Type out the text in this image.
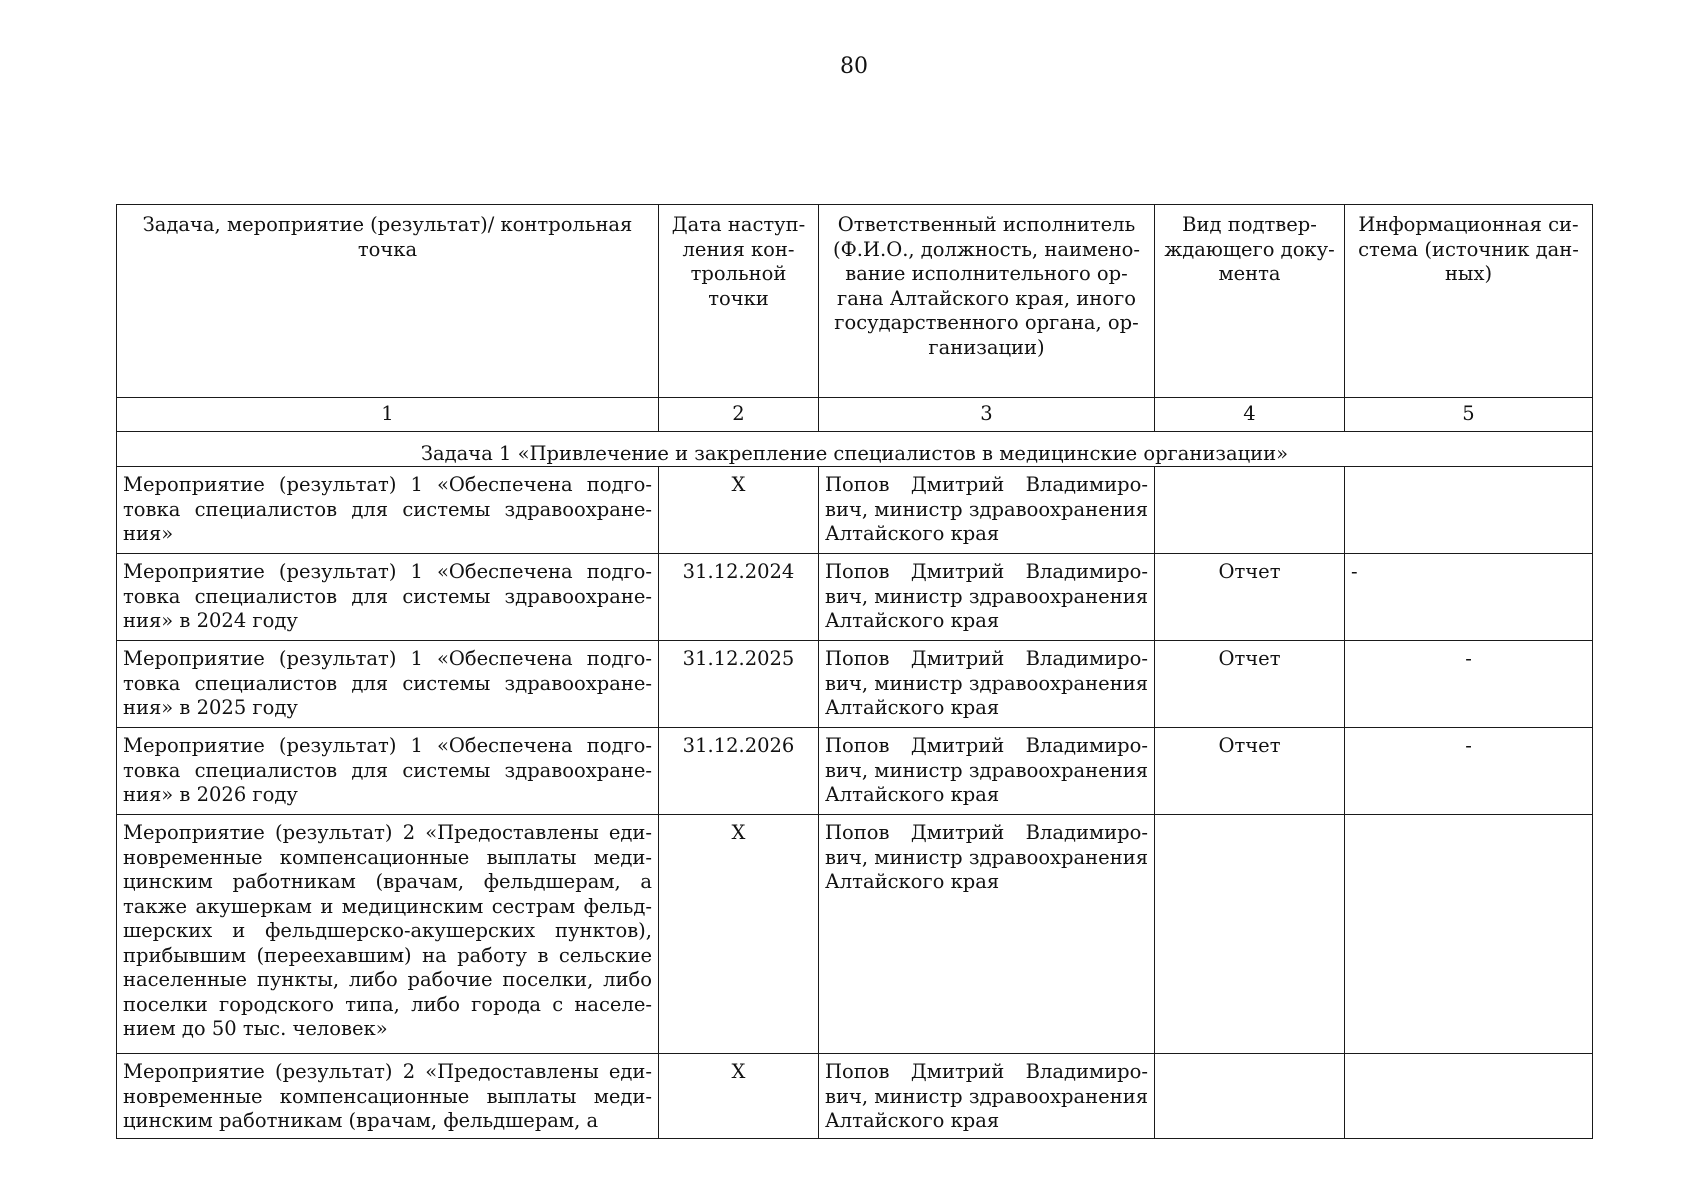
80
Задача, мероприятие (результат)/ контрольная точка	Дата наступ-ления кон-трольной точки	Ответственный исполнитель (Ф.И.О., должность, наимено-вание исполнительного ор-гана Алтайского края, иного государственного органа, ор-ганизации)	Вид подтвер-ждающего доку-мента	Информационная си-стема (источник дан-ных)
1	2	3	4	5
Задача 1 «Привлечение и закрепление специалистов в медицинские организации»				
Мероприятие (результат) 1 «Обеспечена подго-товка специалистов для системы здравоохране-ния»	Х	Попов Дмитрий Владимиро-вич, министр здравоохранения Алтайского края		
Мероприятие (результат) 1 «Обеспечена подго-товка специалистов для системы здравоохране-ния» в 2024 году	31.12.2024	Попов Дмитрий Владимиро-вич, министр здравоохранения Алтайского края	Отчет	-
Мероприятие (результат) 1 «Обеспечена подго-товка специалистов для системы здравоохране-ния» в 2025 году	31.12.2025	Попов Дмитрий Владимиро-вич, министр здравоохранения Алтайского края	Отчет	-
Мероприятие (результат) 1 «Обеспечена подго-товка специалистов для системы здравоохране-ния» в 2026 году	31.12.2026	Попов Дмитрий Владимиро-вич, министр здравоохранения Алтайского края	Отчет	-
Мероприятие (результат) 2 «Предоставлены еди-новременные компенсационные выплаты меди-цинским работникам (врачам, фельдшерам, а также акушеркам и медицинским сестрам фельд-шерских и фельдшерско-акушерских пунктов), прибывшим (переехавшим) на работу в сельские населенные пункты, либо рабочие поселки, либо поселки городского типа, либо города с населе-нием до 50 тыс. человек»	Х	Попов Дмитрий Владимиро-вич, министр здравоохранения Алтайского края		

Мероприятие (результат) 2 «Предоставлены еди-новременные компенсационные выплаты меди-цинским работникам (врачам, фельдшерам, а	Х	Попов Дмитрий Владимиро-вич, министр здравоохранения Алтайского края		
